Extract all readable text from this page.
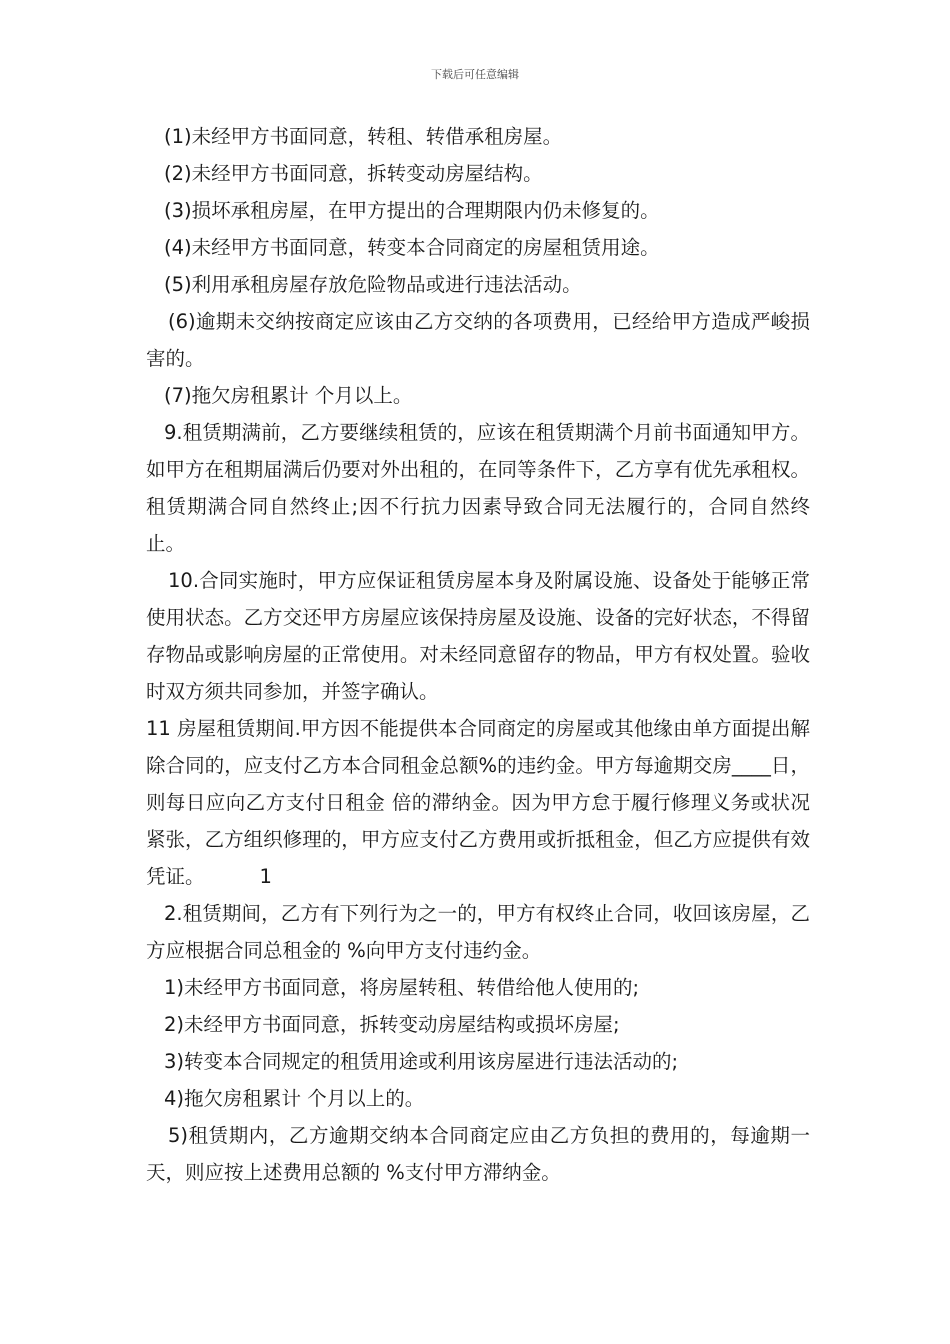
下载后可任意编辑

(1)未经甲方书面同意，转租、转借承租房屋。

(2)未经甲方书面同意，拆转变动房屋结构。

(3)损坏承租房屋，在甲方提出的合理期限内仍未修复的。

(4)未经甲方书面同意，转变本合同商定的房屋租赁用途。

(5)利用承租房屋存放危险物品或进行违法活动。

(6)逾期未交纳按商定应该由乙方交纳的各项费用，已经给甲方造成严峻损害的。

(7)拖欠房租累计 个月以上。

9.租赁期满前，乙方要继续租赁的，应该在租赁期满个月前书面通知甲方。如甲方在租期届满后仍要对外出租的，在同等条件下，乙方享有优先承租权。租赁期满合同自然终止;因不行抗力因素导致合同无法履行的，合同自然终止。

10.合同实施时，甲方应保证租赁房屋本身及附属设施、设备处于能够正常使用状态。乙方交还甲方房屋应该保持房屋及设施、设备的完好状态，不得留存物品或影响房屋的正常使用。对未经同意留存的物品，甲方有权处置。验收时双方须共同参加，并签字确认。

11 房屋租赁期间.甲方因不能提供本合同商定的房屋或其他缘由单方面提出解除合同的，应支付乙方本合同租金总额%的违约金。甲方每逾期交房____日，则每日应向乙方支付日租金 倍的滞纳金。因为甲方怠于履行修理义务或状况紧张，乙方组织修理的，甲方应支付乙方费用或折抵租金，但乙方应提供有效凭证。	1

2.租赁期间，乙方有下列行为之一的，甲方有权终止合同，收回该房屋，乙方应根据合同总租金的 %向甲方支付违约金。

1)未经甲方书面同意，将房屋转租、转借给他人使用的;

2)未经甲方书面同意，拆转变动房屋结构或损坏房屋;

3)转变本合同规定的租赁用途或利用该房屋进行违法活动的;

4)拖欠房租累计 个月以上的。

5)租赁期内，乙方逾期交纳本合同商定应由乙方负担的费用的，每逾期一天，则应按上述费用总额的 %支付甲方滞纳金。
